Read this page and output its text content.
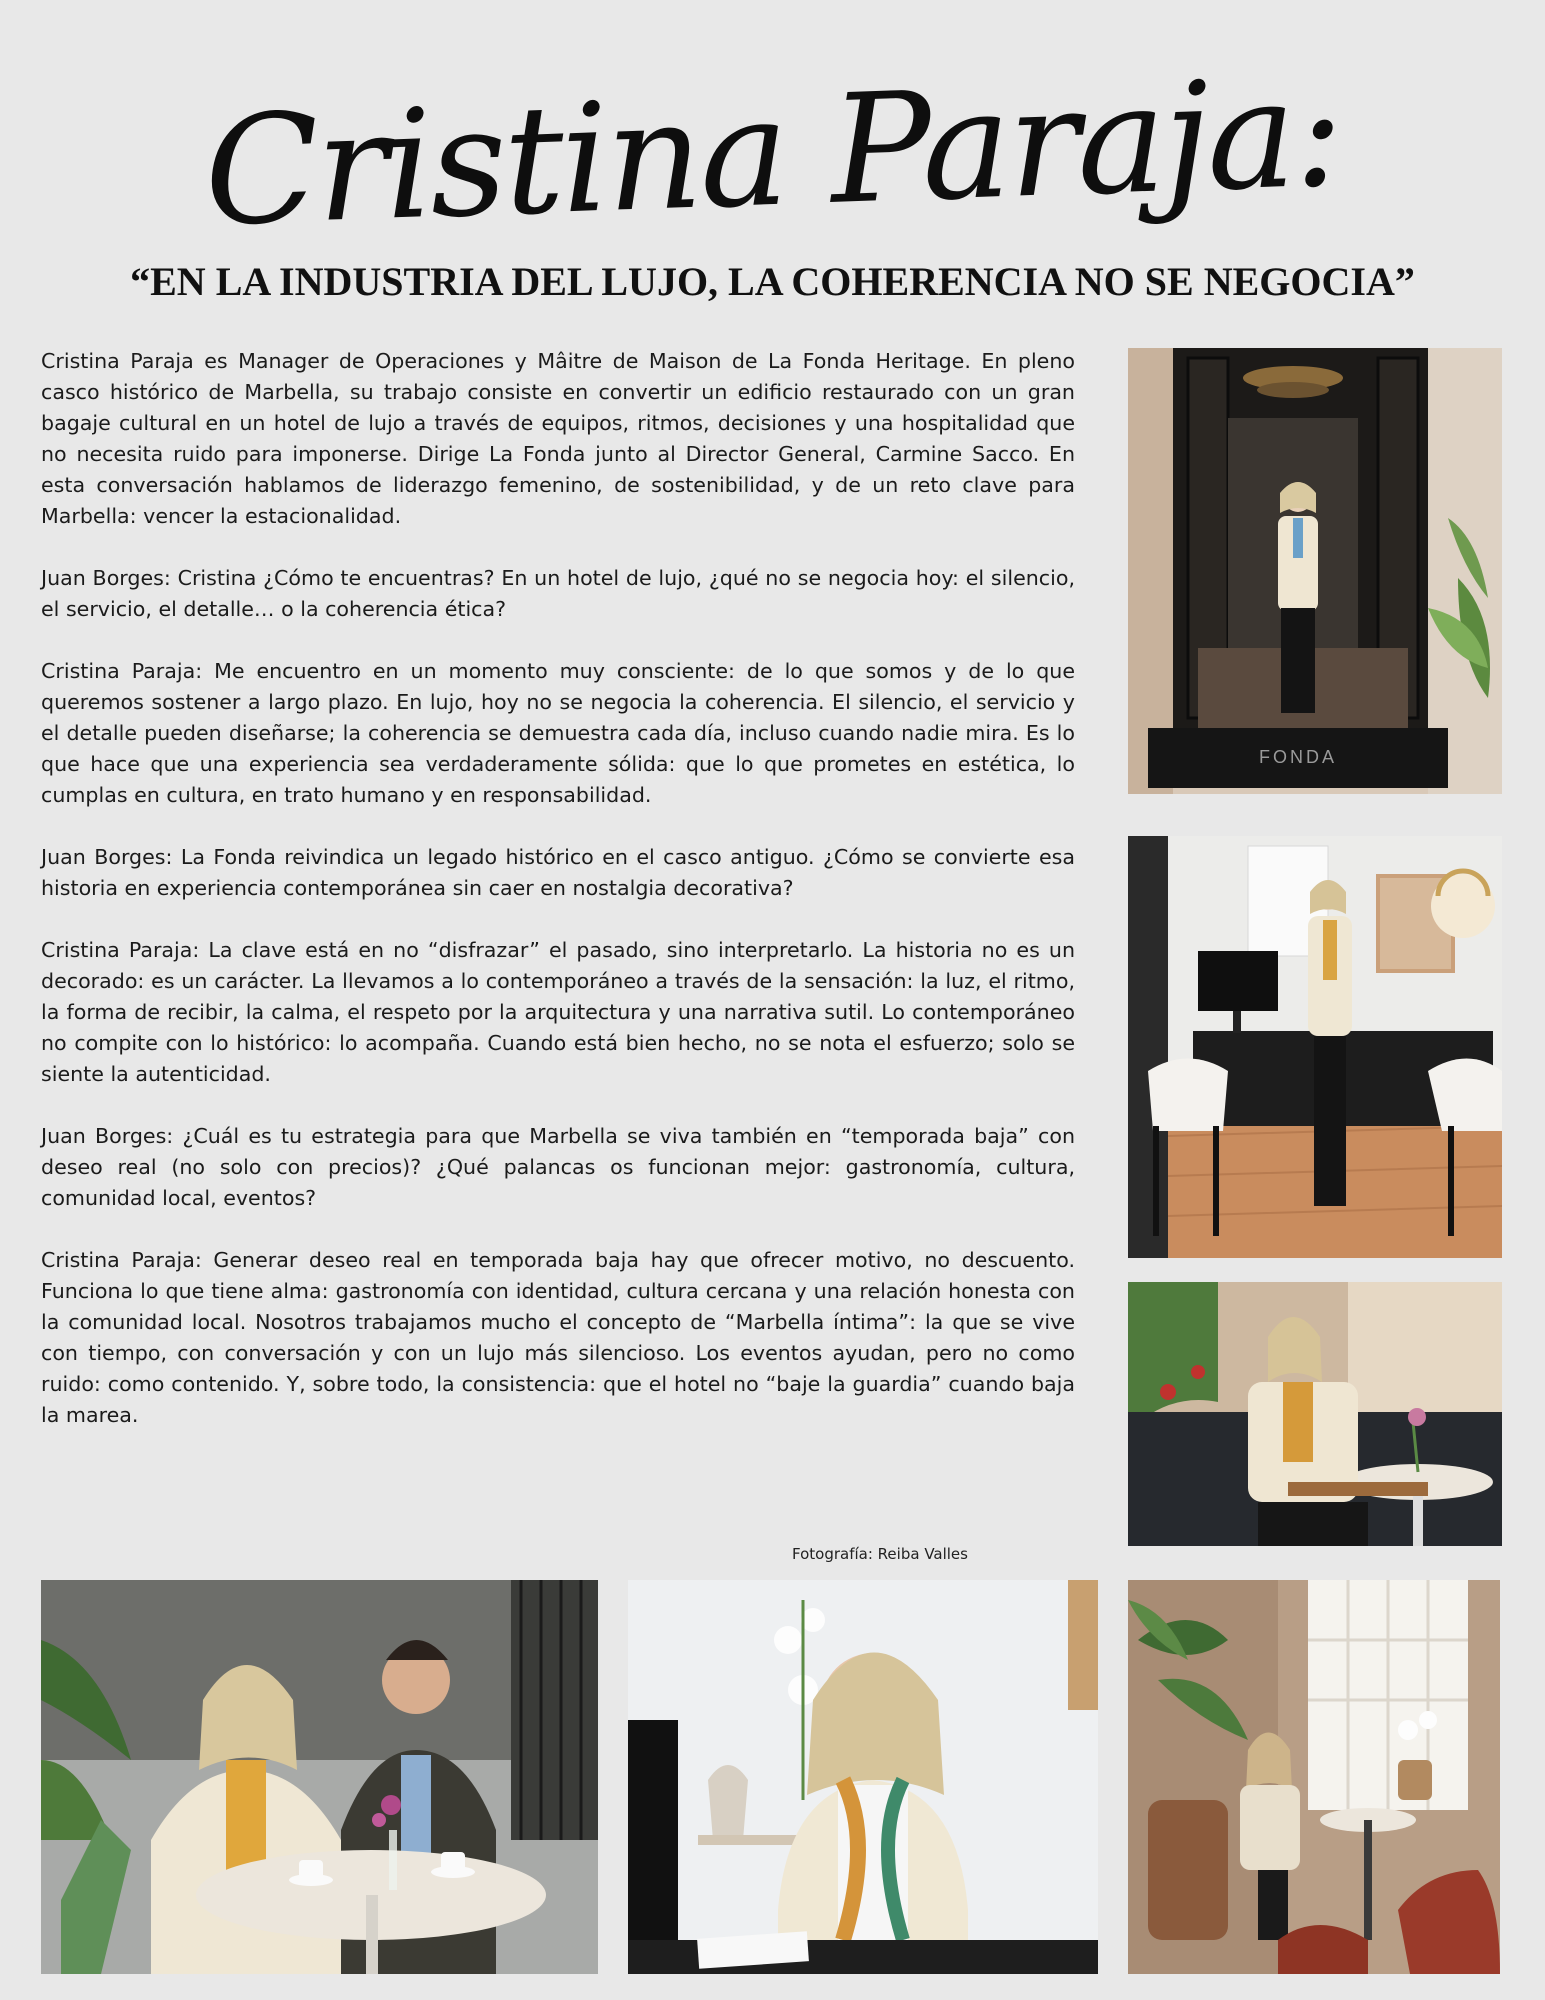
Cristina Paraja:
“EN LA INDUSTRIA DEL LUJO, LA COHERENCIA NO SE NEGOCIA”

Cristina Paraja es Manager de Operaciones y Mâitre de Maison de La Fonda Heritage. En pleno casco histórico de Marbella, su trabajo consiste en convertir un edificio restaurado con un gran bagaje cultural en un hotel de lujo a través de equipos, ritmos, decisiones y una hospitalidad que no necesita ruido para imponerse. Dirige La Fonda junto al Director General, Carmine Sacco. En esta conversación hablamos de liderazgo femenino, de sostenibilidad, y de un reto clave para Marbella: vencer la estacionalidad.

Juan Borges: Cristina ¿Cómo te encuentras? En un hotel de lujo, ¿qué no se negocia hoy: el silencio, el servicio, el detalle… o la coherencia ética?

Cristina Paraja: Me encuentro en un momento muy consciente: de lo que somos y de lo que queremos sostener a largo plazo. En lujo, hoy no se negocia la coherencia. El silencio, el servicio y el detalle pueden diseñarse; la coherencia se demuestra cada día, incluso cuando nadie mira. Es lo que hace que una experiencia sea verdaderamente sólida: que lo que prometes en estética, lo cumplas en cultura, en trato humano y en responsabilidad.

Juan Borges: La Fonda reivindica un legado histórico en el casco antiguo. ¿Cómo se convierte esa historia en experiencia contemporánea sin caer en nostalgia decorativa?

Cristina Paraja: La clave está en no “disfrazar” el pasado, sino interpretarlo. La historia no es un decorado: es un carácter. La llevamos a lo contemporáneo a través de la sensación: la luz, el ritmo, la forma de recibir, la calma, el respeto por la arquitectura y una narrativa sutil. Lo contemporáneo no compite con lo histórico: lo acompaña. Cuando está bien hecho, no se nota el esfuerzo; solo se siente la autenticidad.

Juan Borges: ¿Cuál es tu estrategia para que Marbella se viva también en “temporada baja” con deseo real (no solo con precios)? ¿Qué palancas os funcionan mejor: gastronomía, cultura, comunidad local, eventos?

Cristina Paraja: Generar deseo real en temporada baja hay que ofrecer motivo, no descuento. Funciona lo que tiene alma: gastronomía con identidad, cultura cercana y una relación honesta con la comunidad local. Nosotros trabajamos mucho el concepto de “Marbella íntima”: la que se vive con tiempo, con conversación y con un lujo más silencioso. Los eventos ayudan, pero no como ruido: como contenido. Y, sobre todo, la consistencia: que el hotel no “baje la guardia” cuando baja la marea.

FONDA
Fotografía: Reiba Valles
